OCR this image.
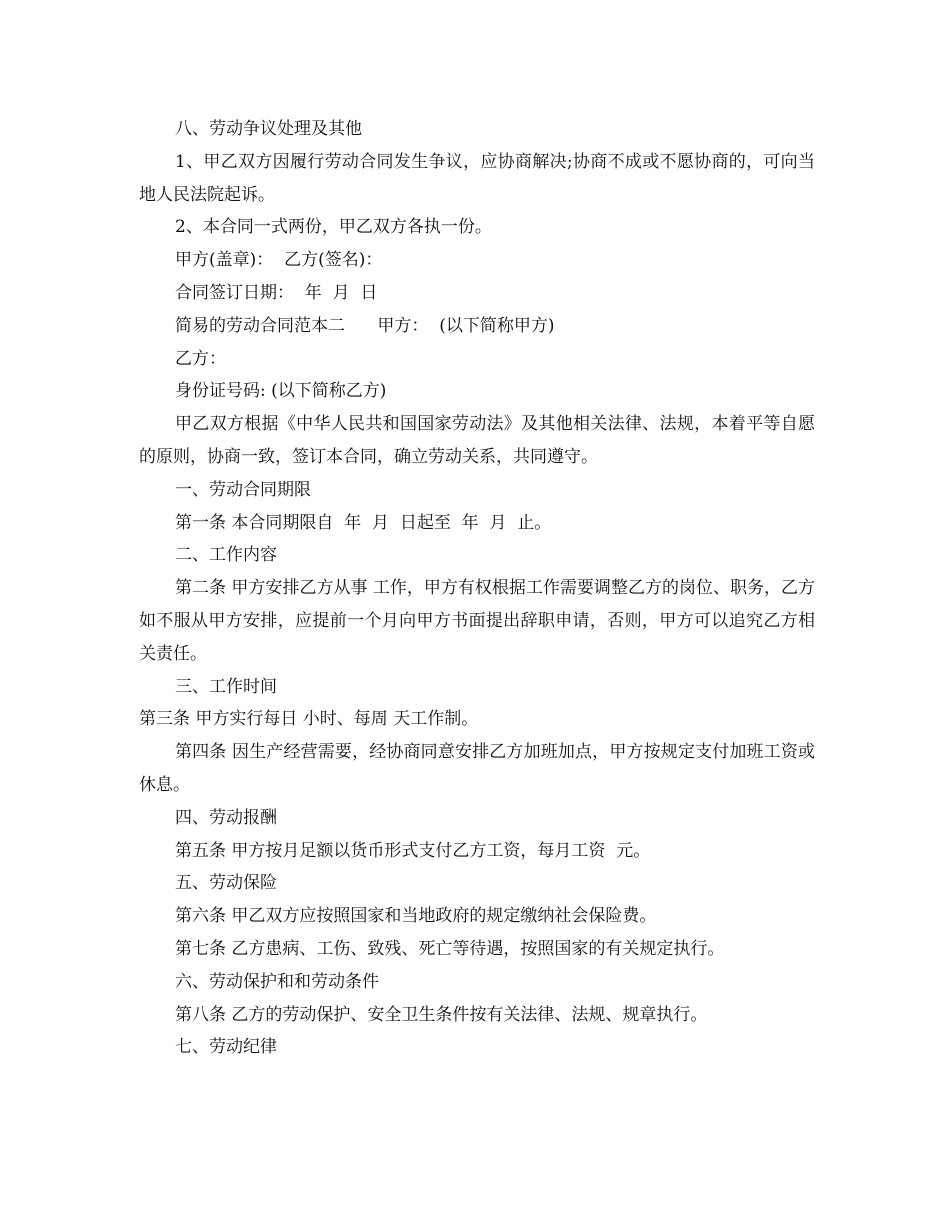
八、劳动争议处理及其他

1、甲乙双方因履行劳动合同发生争议，应协商解决;协商不成或不愿协商的，可向当地人民法院起诉。

2、本合同一式两份，甲乙双方各执一份。

甲方(盖章)：  乙方(签名)：

合同签订日期：  年  月  日

简易的劳动合同范本二      甲方：  (以下简称甲方)

乙方：

身份证号码: (以下简称乙方)

甲乙双方根据《中华人民共和国国家劳动法》及其他相关法律、法规，本着平等自愿的原则，协商一致，签订本合同，确立劳动关系，共同遵守。

一、劳动合同期限

第一条 本合同期限自  年  月  日起至  年  月  止。

二、工作内容

第二条 甲方安排乙方从事 工作，甲方有权根据工作需要调整乙方的岗位、职务，乙方如不服从甲方安排，应提前一个月向甲方书面提出辞职申请，否则，甲方可以追究乙方相关责任。

三、工作时间

第三条 甲方实行每日 小时、每周 天工作制。

第四条 因生产经营需要，经协商同意安排乙方加班加点，甲方按规定支付加班工资或休息。

四、劳动报酬

第五条 甲方按月足额以货币形式支付乙方工资，每月工资  元。

五、劳动保险

第六条 甲乙双方应按照国家和当地政府的规定缴纳社会保险费。

第七条 乙方患病、工伤、致残、死亡等待遇，按照国家的有关规定执行。

六、劳动保护和和劳动条件

第八条 乙方的劳动保护、安全卫生条件按有关法律、法规、规章执行。

七、劳动纪律
